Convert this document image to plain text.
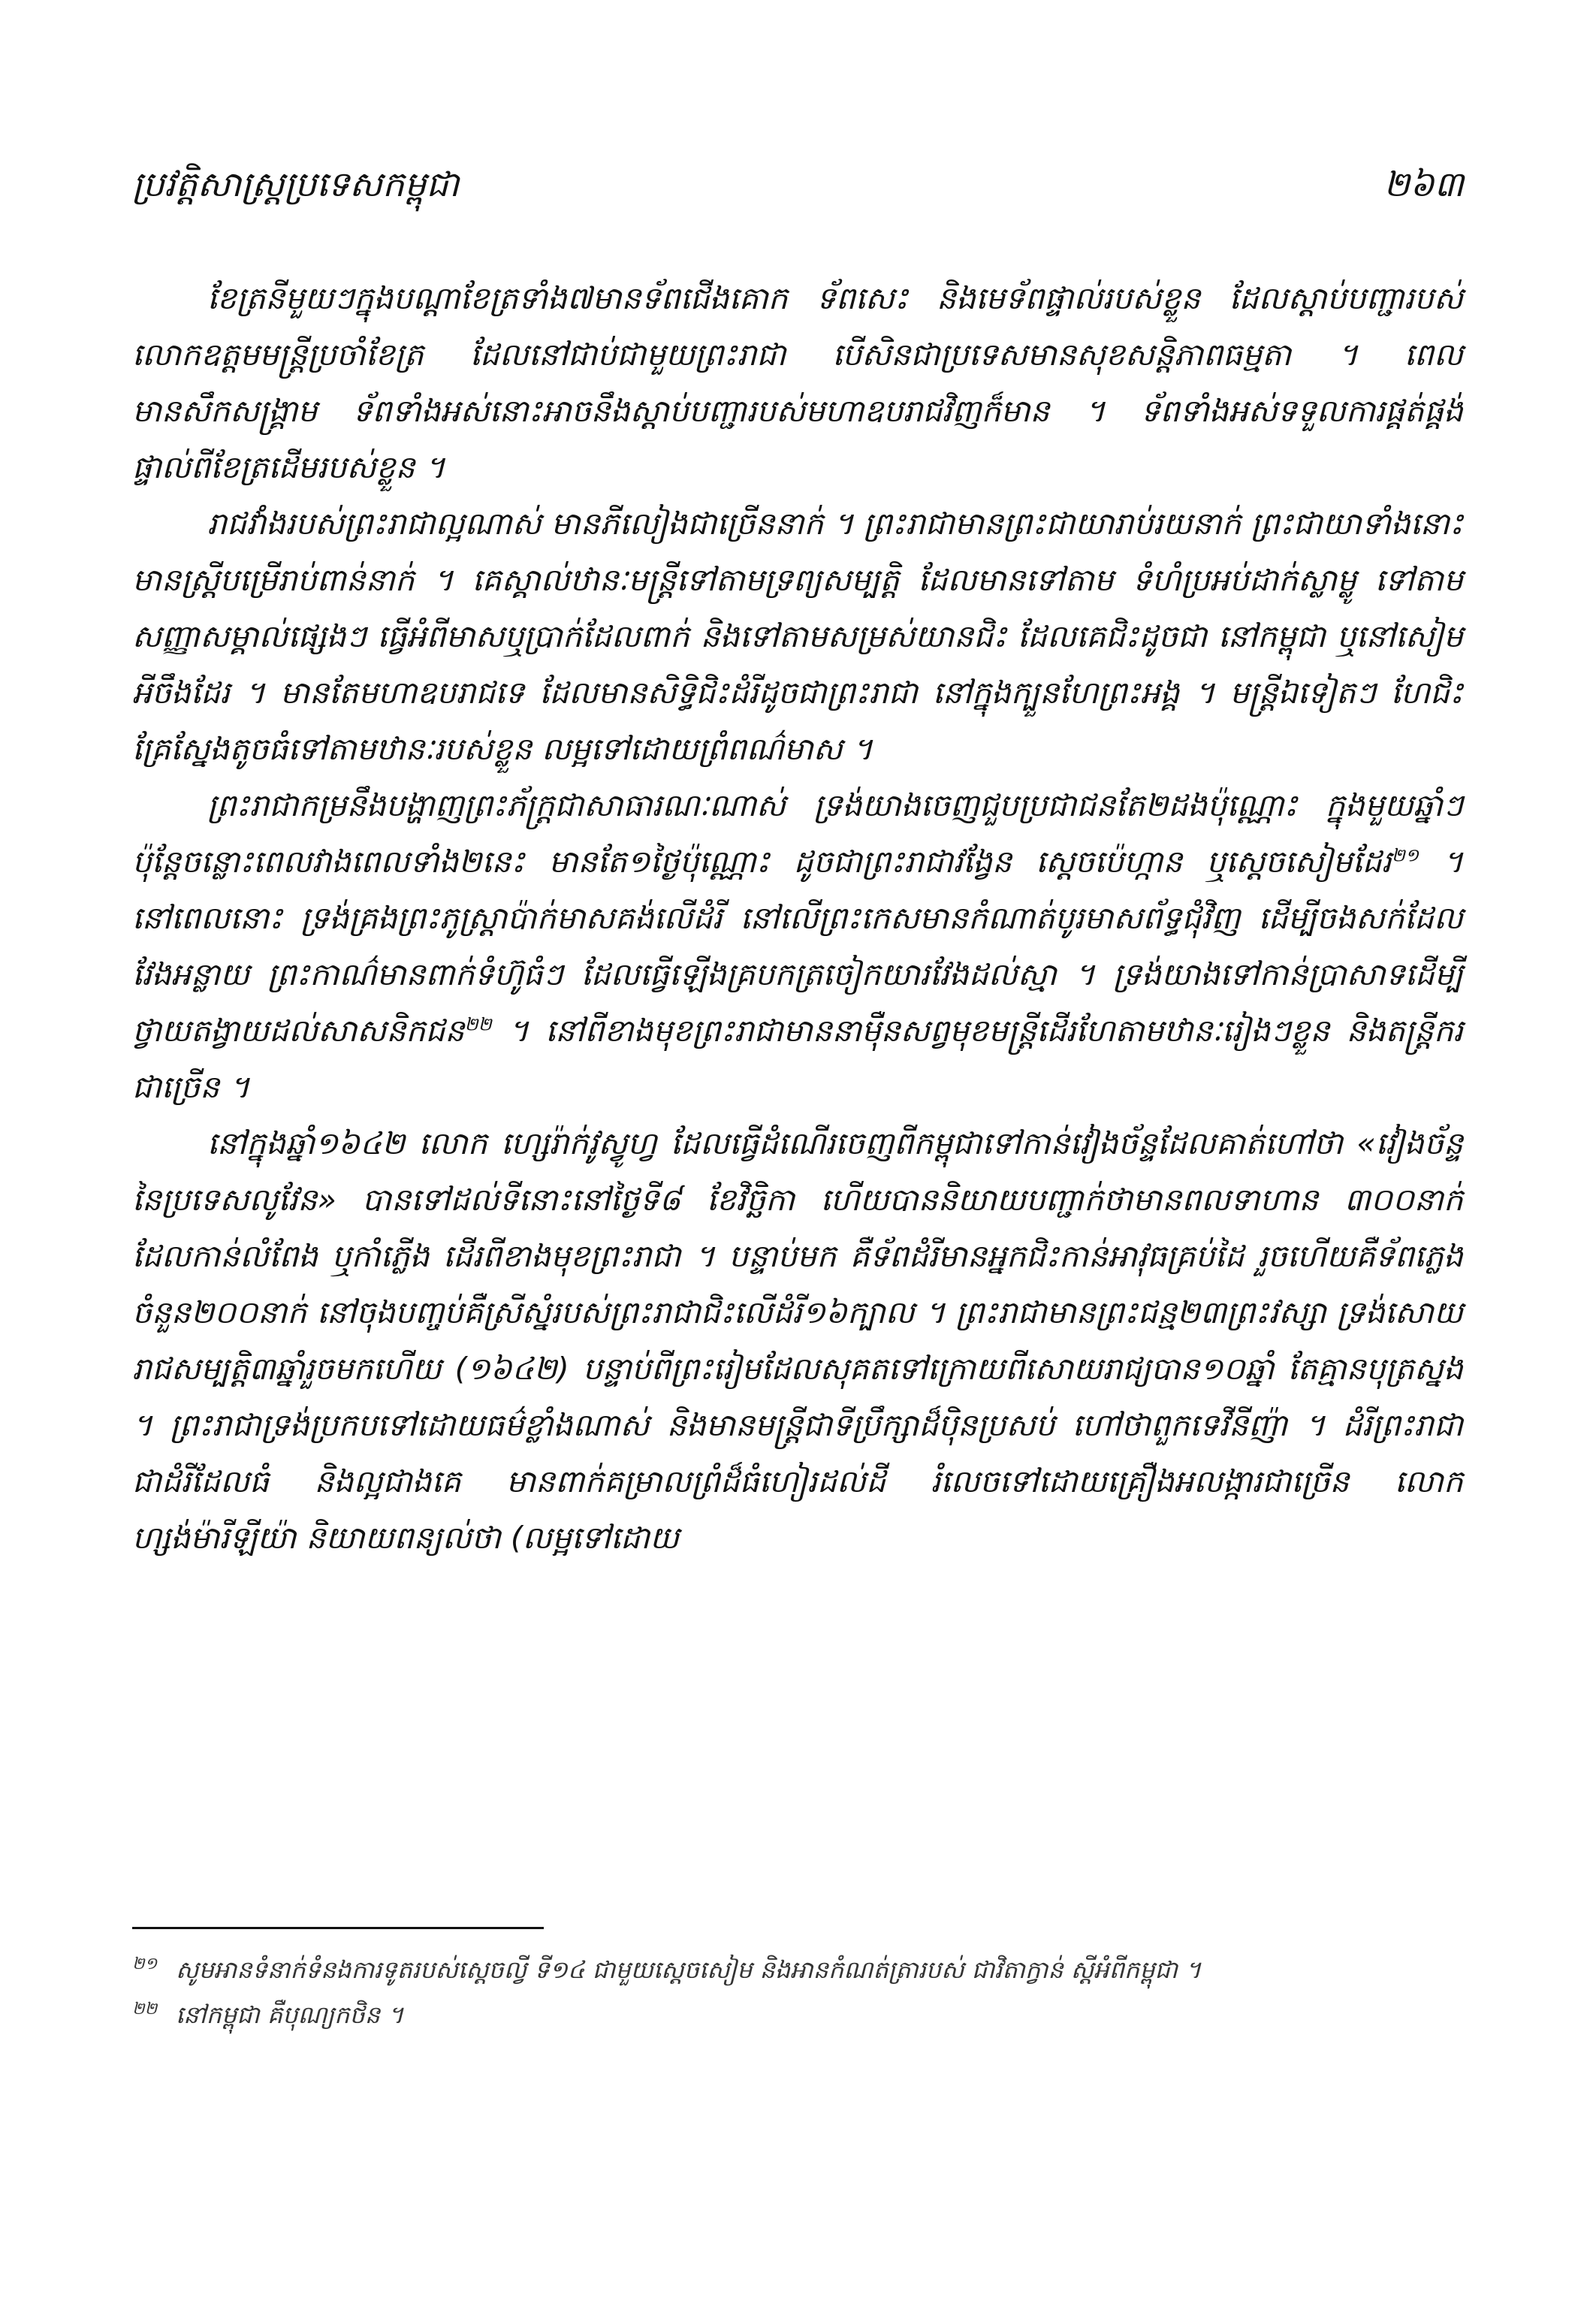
ប្រវត្តិសាស្ត្រប្រទេសកម្ពុជា	២៦៣

ខែត្រនីមួយៗក្នុងបណ្ដាខែត្រទាំង៧មានទ័ពជើងគោក ទ័ពសេះ និងមេទ័ពផ្ទាល់របស់ខ្លួន ដែលស្ដាប់បញ្ជារបស់លោកឧត្ដមមន្ត្រីប្រចាំខែត្រ ដែលនៅជាប់ជាមួយព្រះរាជា បើសិនជាប្រទេសមានសុខសន្តិភាពធម្មតា ។ ពេលមានសឹកសង្គ្រាម ទ័ពទាំងអស់នោះអាចនឹងស្ដាប់បញ្ជារបស់មហាឧបរាជវិញក៏មាន ។ ទ័ពទាំងអស់ទទួលការផ្គត់ផ្គង់ផ្ទាល់ពីខែត្រដើមរបស់ខ្លួន ។

រាជវាំងរបស់ព្រះរាជាល្អណាស់ មានភីលៀងជាច្រើននាក់ ។ ព្រះរាជាមានព្រះជាយារាប់រយនាក់ ព្រះជាយាទាំងនោះ មានស្ត្រីបម្រើរាប់ពាន់នាក់ ។ គេស្គាល់ឋានៈមន្ត្រីទៅតាមទ្រព្យសម្បត្តិ ដែលមានទៅតាម ទំហំប្រអប់ដាក់ស្លាម្លូ ទៅតាមសញ្ញាសម្គាល់ផ្សេងៗ ធ្វើអំពីមាសឬប្រាក់ដែលពាក់ និងទៅតាមសម្រស់យានជិះ ដែលគេជិះដូចជា នៅកម្ពុជា ឬនៅសៀមអីចឹងដែរ ។ មានតែមហាឧបរាជទេ ដែលមានសិទ្ធិជិះដំរីដូចជាព្រះរាជា នៅក្នុងក្បួនហែព្រះអង្គ ។ មន្ត្រីឯទៀតៗ ហែជិះគ្រែស្នែងតូចធំទៅតាមឋានៈរបស់ខ្លួន លម្អទៅដោយព្រំពណ៌មាស ។

ព្រះរាជាកម្រនឹងបង្ហាញព្រះភ័ក្ត្រជាសាធារណៈណាស់ ទ្រង់យាងចេញជួបប្រជាជនតែ២ដងប៉ុណ្ណោះ ក្នុងមួយឆ្នាំៗ ប៉ុន្តែចន្លោះពេលវាងពេលទាំង២នេះ មានតែ១ថ្ងៃប៉ុណ្ណោះ ដូចជាព្រះរាជាវង្វែន ស្ដេចប៉េហ្កាន ឬស្ដេចសៀមដែរ$^{២១}$ ។ នៅពេលនោះ ទ្រង់គ្រងព្រះភូស្ត្រាប៉ាក់មាសគង់លើដំរី នៅលើព្រះកេសមានកំណាត់បូរមាសព័ទ្ធជុំវិញ ដើម្បីចងសក់ដែលវែងអន្លាយ ព្រះកាណ៌មានពាក់ទំហ៊ូធំៗ ដែលធ្វើឡើងគ្របកត្រចៀកយារវែងដល់ស្មា ។ ទ្រង់យាងទៅកាន់ប្រាសាទដើម្បីថ្វាយតង្វាយដល់សាសនិកជន$^{២២}$ ។ នៅពីខាងមុខព្រះរាជាមាននាម៉ឺនសព្វមុខមន្ត្រីដើរហែតាមឋានៈរៀងៗខ្លួន និងតន្ត្រីករជាច្រើន ។

នៅក្នុងឆ្នាំ១៦៤២ លោក ហ្សេរ៉ាក់វូស្វូហ្វ ដែលធ្វើដំណើរចេញពីកម្ពុជាទៅកាន់វៀងច័ន្ទដែលគាត់ហៅថា «វៀងច័ន្ទនៃប្រទេសលូវែន» បានទៅដល់ទីនោះនៅថ្ងៃទី៨ ខែវិច្ឆិកា ហើយបាននិយាយបញ្ជាក់ថាមានពលទាហាន ៣០០នាក់ ដែលកាន់លំពែង ឬកាំភ្លើង ដើរពីខាងមុខព្រះរាជា ។ បន្ទាប់មក គឺទ័ពដំរីមានអ្នកជិះកាន់អាវុធគ្រប់ដៃ រួចហើយគឺទ័ពភ្លេងចំនួន២០០នាក់ នៅចុងបញ្ចប់គឺស្រីស្នំរបស់ព្រះរាជាជិះលើដំរី១៦ក្បាល ។ ព្រះរាជាមានព្រះជន្ម២៣ព្រះវស្សា ទ្រង់សោយរាជសម្បត្តិ៣ឆ្នាំរួចមកហើយ (១៦៤២) បន្ទាប់ពីព្រះរៀមដែលសុគតទៅក្រោយពីសោយរាជ្យបាន១០ឆ្នាំ តែគ្មានបុត្រស្នង ។ ព្រះរាជាទ្រង់ប្រកបទៅដោយធម៌ខ្លាំងណាស់ និងមានមន្ត្រីជាទីប្រឹក្សាដ៏ប៉ិនប្រសប់ ហៅថាពួកទេវីនីញ៉ា ។ ដំរីព្រះរាជា ជាដំរីដែលធំ និងល្អជាងគេ មានពាក់គម្រាលព្រំដ៏ធំហៀរដល់ដី រំលេចទៅដោយគ្រឿងអលង្ការជាច្រើន លោក ហ្សង់ម៉ារីឡីយ៉ា និយាយពន្យល់ថា (លម្អទៅដោយ

២១ សូមអានទំនាក់ទំនងការទូតរបស់ស្ដេចល្វី ទី១៤ ជាមួយស្ដេចសៀម និងអានកំណត់ត្រារបស់ ជាវិតាក្វាន់ ស្ដីអំពីកម្ពុជា ។

២២ នៅកម្ពុជា គឺបុណ្យកថិន ។
